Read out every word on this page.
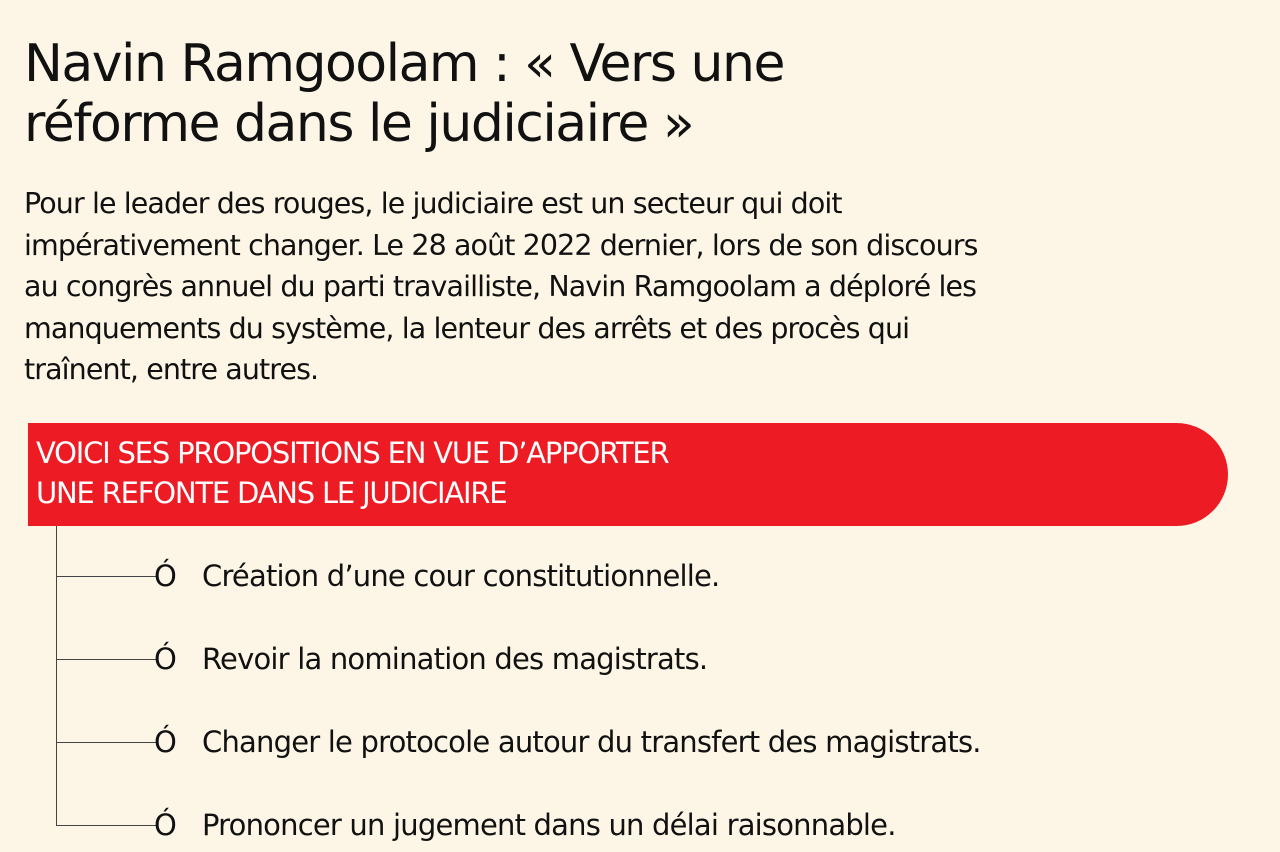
Navin Ramgoolam : « Vers une
réforme dans le judiciaire »

Pour le leader des rouges, le judiciaire est un secteur qui doit
impérativement changer. Le 28 août 2022 dernier, lors de son discours
au congrès annuel du parti travailliste, Navin Ramgoolam a déploré les
manquements du système, la lenteur des arrêts et des procès qui
traînent, entre autres.

VOICI SES PROPOSITIONS EN VUE D’APPORTER
UNE REFONTE DANS LE JUDICIAIRE
Ó Création d’une cour constitutionnelle.
Ó Revoir la nomination des magistrats.
Ó Changer le protocole autour du transfert des magistrats.
Ó Prononcer un jugement dans un délai raisonnable.
